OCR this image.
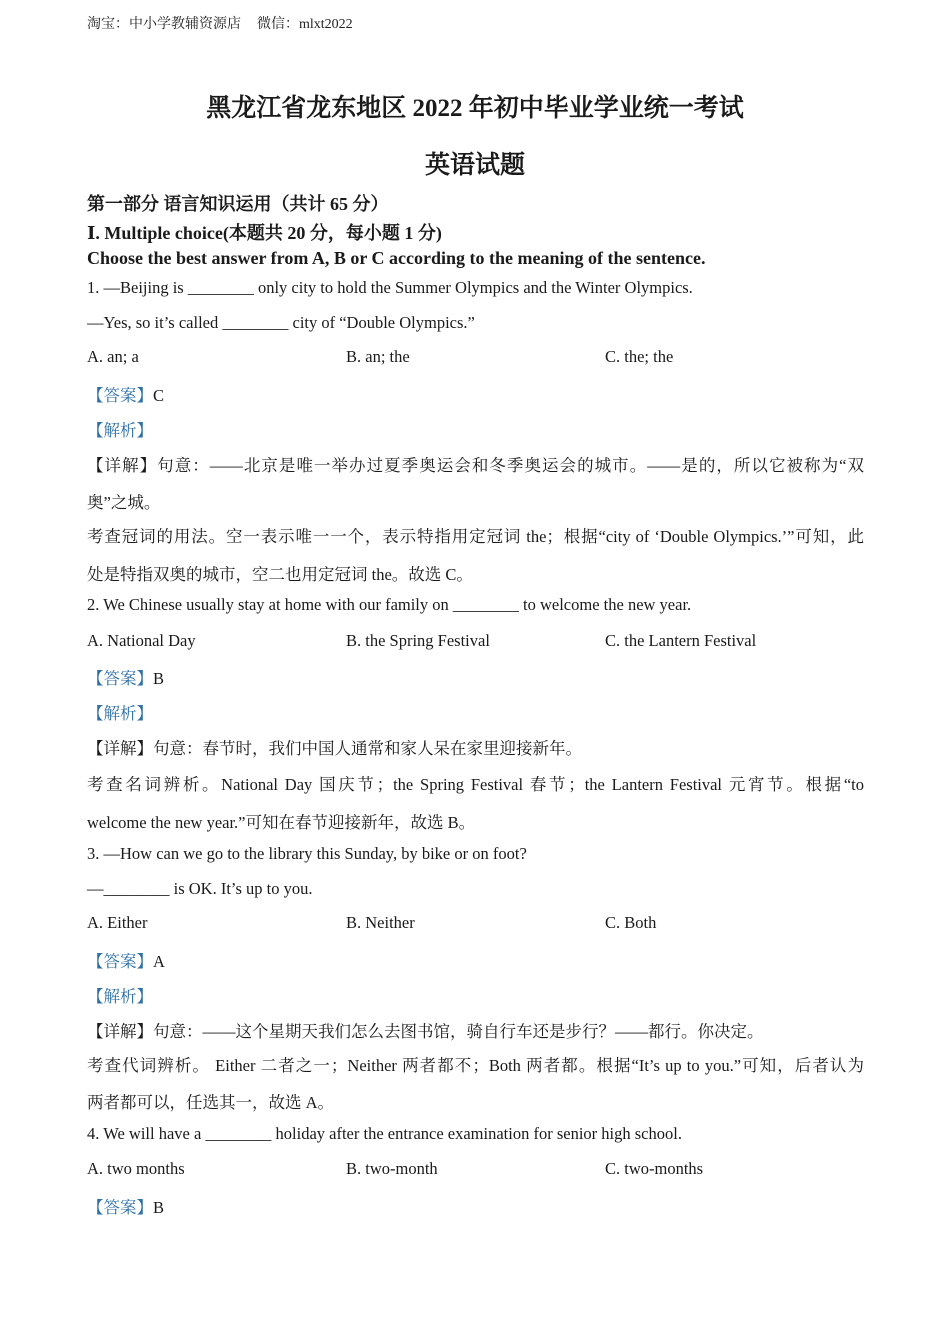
淘宝：中小学教辅资源店 微信：mlxt2022
黑龙江省龙东地区 2022 年初中毕业学业统一考试
英语试题
第一部分 语言知识运用（共计 65 分）
Ⅰ. Multiple choice(本题共 20 分，每小题 1 分)
Choose the best answer from A, B or C according to the meaning of the sentence.
1. —Beijing is ________ only city to hold the Summer Olympics and the Winter Olympics.
—Yes, so it’s called ________ city of “Double Olympics.”
A. an; a	B. an; the	C. the; the
【答案】C
【解析】
【详解】句意：——北京是唯一举办过夏季奥运会和冬季奥运会的城市。——是的，所以它被称为“双
奥”之城。
考查冠词的用法。空一表示唯一一个，表示特指用定冠词 the；根据“city of ‘Double Olympics.’”可知，此
处是特指双奥的城市，空二也用定冠词 the。故选 C。
2. We Chinese usually stay at home with our family on ________ to welcome the new year.
A. National Day	B. the Spring Festival	C. the Lantern Festival
【答案】B
【解析】
【详解】句意：春节时，我们中国人通常和家人呆在家里迎接新年。
考查名词辨析。National Day 国庆节；the Spring Festival 春节；the Lantern Festival 元宵节。根据“to
welcome the new year.”可知在春节迎接新年，故选 B。
3. —How can we go to the library this Sunday, by bike or on foot?
—________ is OK. It’s up to you.
A. Either	B. Neither	C. Both
【答案】A
【解析】
【详解】句意：——这个星期天我们怎么去图书馆，骑自行车还是步行？——都行。你决定。
考查代词辨析。 Either 二者之一；Neither 两者都不；Both 两者都。根据“It’s up to you.”可知，后者认为
两者都可以，任选其一，故选 A。
4. We will have a ________ holiday after the entrance examination for senior high school.
A. two months	B. two-month	C. two-months
【答案】B
